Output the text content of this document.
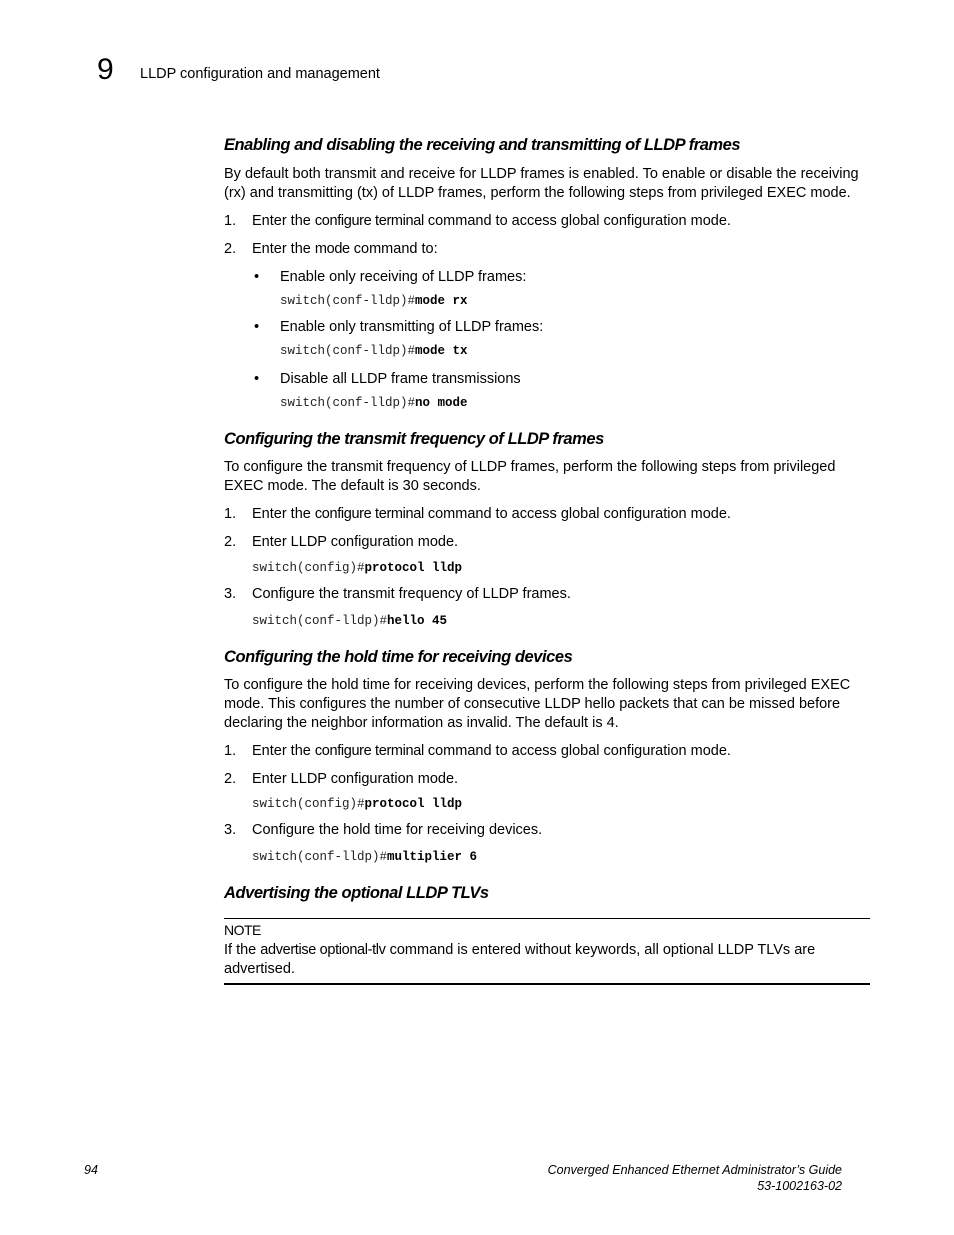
9 LLDP configuration and management
Enabling and disabling the receiving and transmitting of LLDP frames

By default both transmit and receive for LLDP frames is enabled. To enable or disable the receiving (rx) and transmitting (tx) of LLDP frames, perform the following steps from privileged EXEC mode.

1. Enter the configure terminal command to access global configuration mode.
2. Enter the mode command to:
• Enable only receiving of LLDP frames:
switch(conf-lldp)#mode rx
• Enable only transmitting of LLDP frames:
switch(conf-lldp)#mode tx
• Disable all LLDP frame transmissions
switch(conf-lldp)#no mode
Configuring the transmit frequency of LLDP frames

To configure the transmit frequency of LLDP frames, perform the following steps from privileged EXEC mode. The default is 30 seconds.

1. Enter the configure terminal command to access global configuration mode.
2. Enter LLDP configuration mode.
switch(config)#protocol lldp
3. Configure the transmit frequency of LLDP frames.
switch(conf-lldp)#hello 45
Configuring the hold time for receiving devices

To configure the hold time for receiving devices, perform the following steps from privileged EXEC mode. This configures the number of consecutive LLDP hello packets that can be missed before declaring the neighbor information as invalid. The default is 4.

1. Enter the configure terminal command to access global configuration mode.
2. Enter LLDP configuration mode.
switch(config)#protocol lldp
3. Configure the hold time for receiving devices.
switch(conf-lldp)#multiplier 6
Advertising the optional LLDP TLVs
NOTE
If the advertise optional-tlv command is entered without keywords, all optional LLDP TLVs are advertised.
94	Converged Enhanced Ethernet Administrator’s Guide
53-1002163-02
